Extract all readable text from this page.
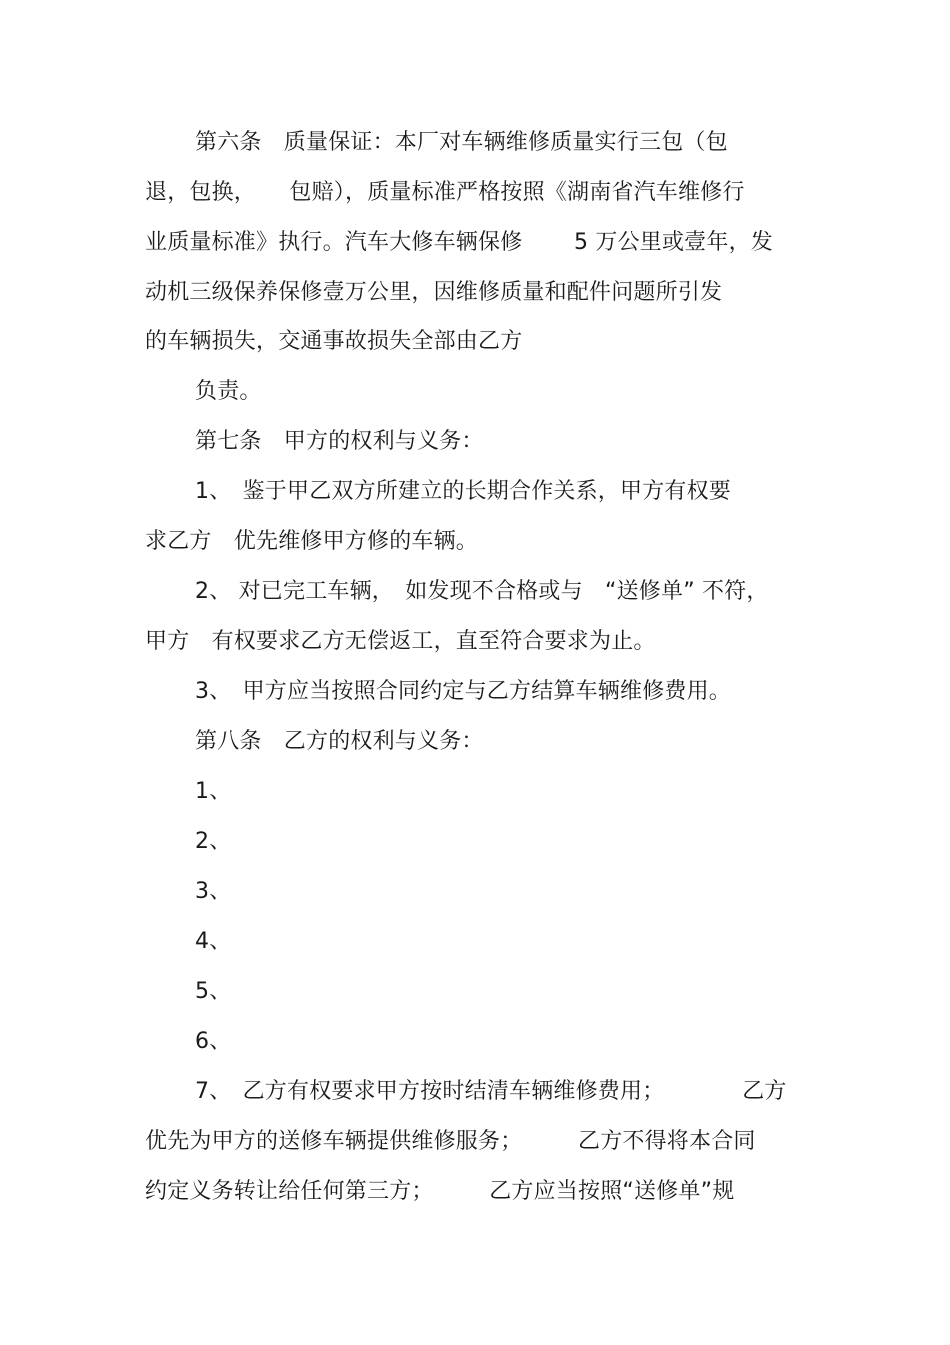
第六条　质量保证：本厂对车辆维修质量实行三包（包
退，包换，　　包赔），质量标准严格按照《湖南省汽车维修行
业质量标准》执行。汽车大修车辆保修　　 5 万公里或壹年，发
动机三级保养保修壹万公里，因维修质量和配件问题所引发
的车辆损失，交通事故损失全部由乙方
负责。
第七条　甲方的权利与义务：
1、　鉴于甲乙双方所建立的长期合作关系，甲方有权要
求乙方　优先维修甲方修的车辆。
2、 对已完工车辆，　如发现不合格或与　“送修单” 不符，
甲方　有权要求乙方无偿返工，直至符合要求为止。
3、　甲方应当按照合同约定与乙方结算车辆维修费用。
第八条　乙方的权利与义务：
1、
2、
3、
4、
5、
6、
7、　乙方有权要求甲方按时结清车辆维修费用；　　　　乙方
优先为甲方的送修车辆提供维修服务；　　　乙方不得将本合同
约定义务转让给任何第三方；　　　乙方应当按照“送修单”规
